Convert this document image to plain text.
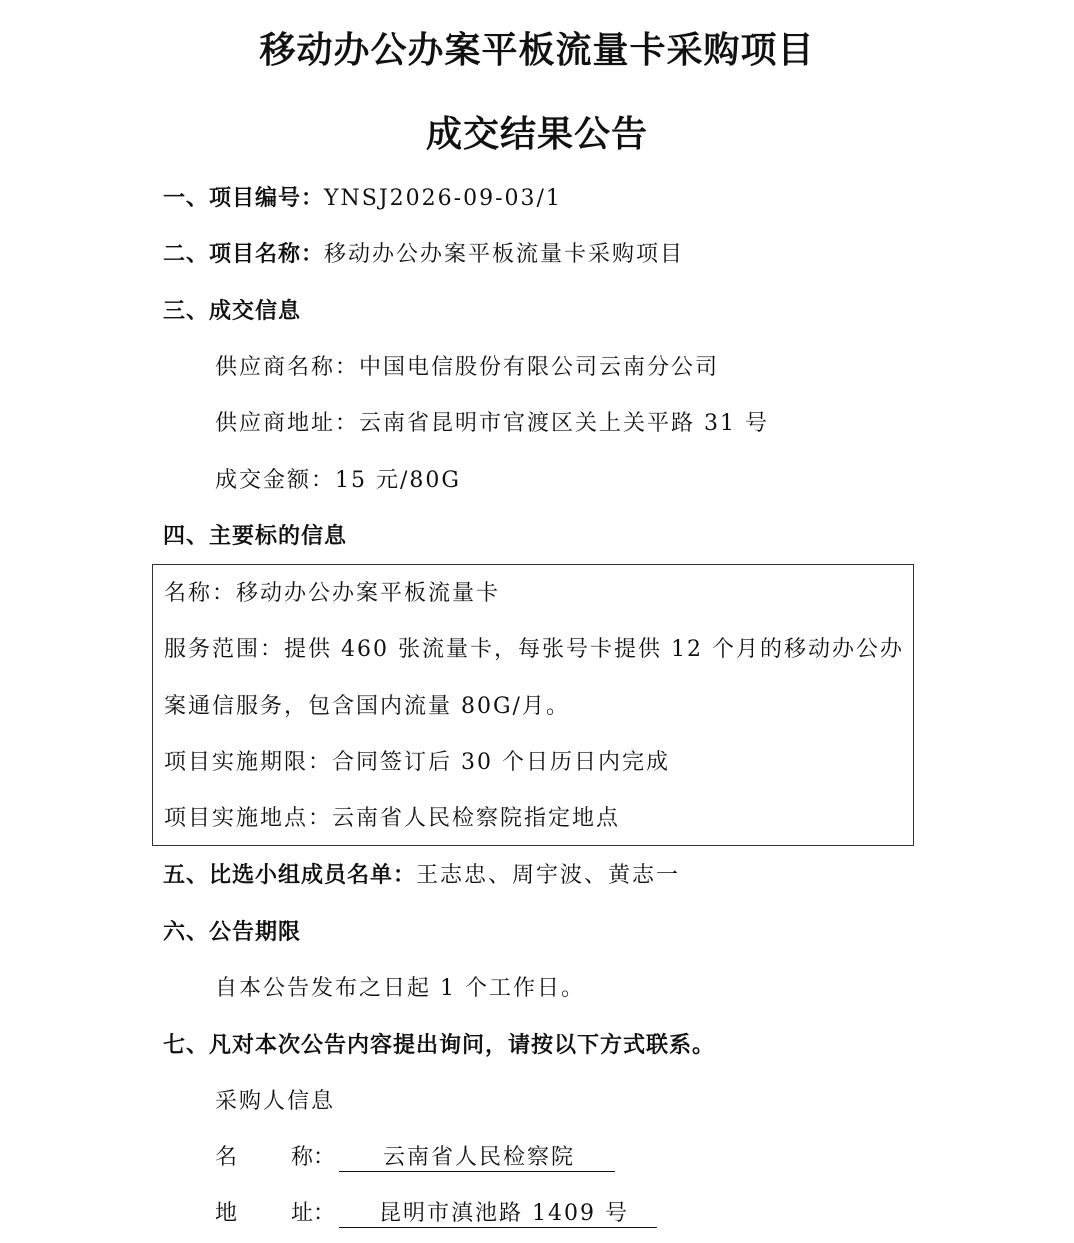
移动办公办案平板流量卡采购项目
成交结果公告
一、项目编号：YNSJ2026-09-03/1
二、项目名称：移动办公办案平板流量卡采购项目
三、成交信息
供应商名称：中国电信股份有限公司云南分公司
供应商地址：云南省昆明市官渡区关上关平路 31 号
成交金额：15 元/80G
四、主要标的信息
名称：移动办公办案平板流量卡
服务范围：提供 460 张流量卡，每张号卡提供 12 个月的移动办公办
案通信服务，包含国内流量 80G/月。
项目实施期限：合同签订后 30 个日历日内完成
项目实施地点：云南省人民检察院指定地点
五、比选小组成员名单：王志忠、周宇波、黄志一
六、公告期限
自本公告发布之日起 1 个工作日。
七、凡对本次公告内容提出询问，请按以下方式联系。
采购人信息
名 称： 云南省人民检察院
地 址： 昆明市滇池路 1409 号
